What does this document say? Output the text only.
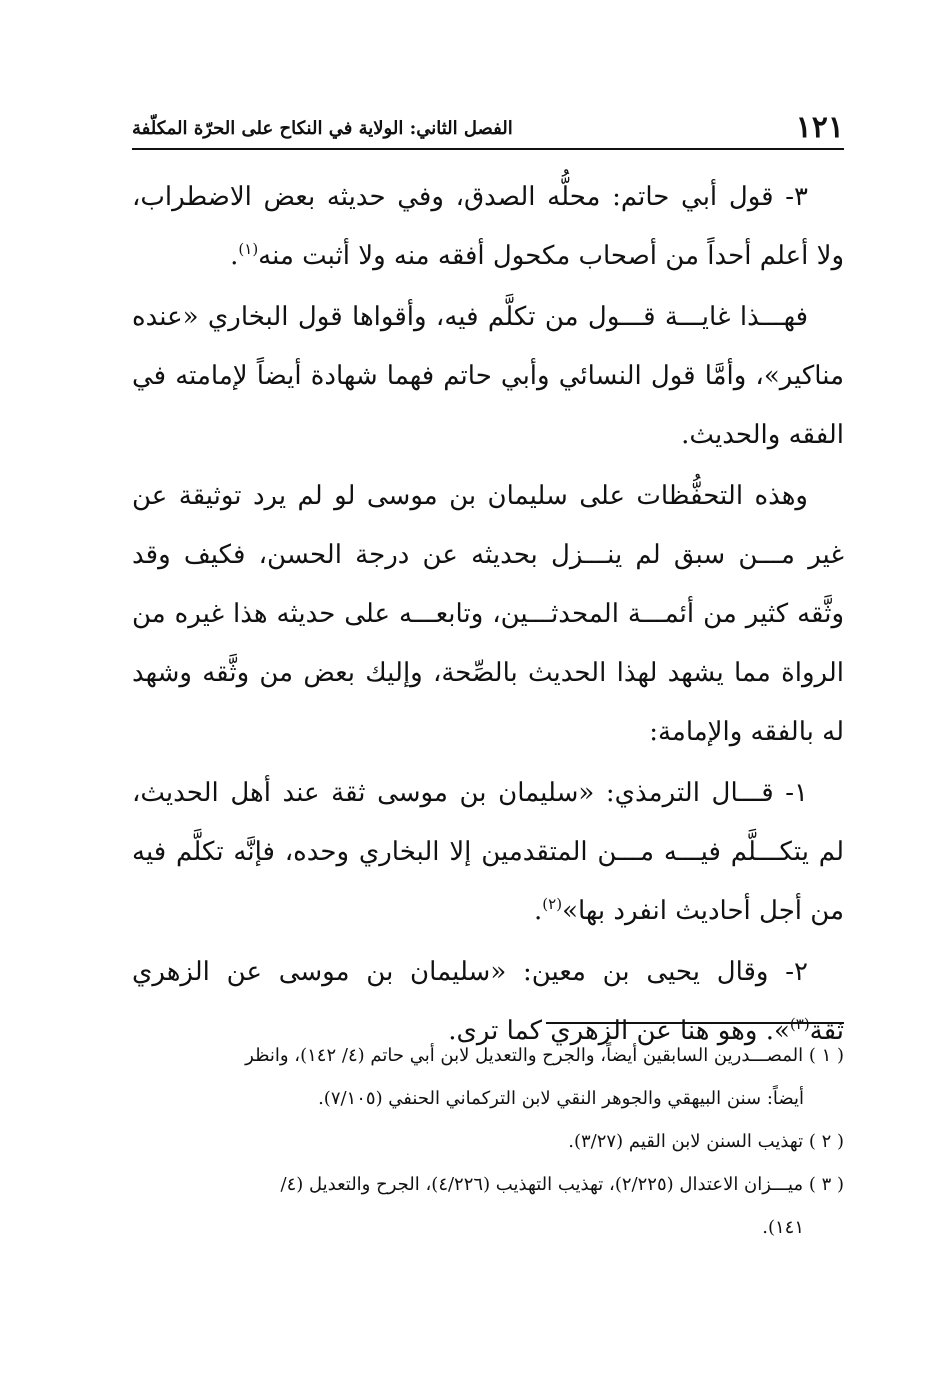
١٢١
الفصل الثاني: الولاية في النكاح على الحرّة المكلّفة

٣- قول أبي حاتم: محلُّه الصدق، وفي حديثه بعض الاضطراب، ولا أعلم أحداً من أصحاب مكحول أفقه منه ولا أثبت منه$^{(١)}$.

فهـــذا غايـــة قـــول من تكلَّم فيه، وأقواها قول البخاري «عنده مناكير»، وأمَّا قول النسائي وأبي حاتم فهما شهادة أيضاً لإمامته في الفقه والحديث.

وهذه التحفُّظات على سليمان بن موسى لو لم يرد توثيقة عن غير مـــن سبق لم ينـــزل بحديثه عن درجة الحسن، فكيف وقد وثَّقه كثير من أئمـــة المحدثـــين، وتابعـــه على حديثه هذا غيره من الرواة مما يشهد لهذا الحديث بالصِّحة، وإليك بعض من وثَّقه وشهد له بالفقه والإمامة:

١- قـــال الترمذي: «سليمان بن موسى ثقة عند أهل الحديث، لم يتكـــلَّم فيـــه مـــن المتقدمين إلا البخاري وحده، فإنَّه تكلَّم فيه من أجل أحاديث انفرد بها»$^{(٢)}$.

٢- وقال يحيى بن معين: «سليمان بن موسى عن الزهري ثقة$^{(٣)}$». وهو هنا عن الزهري كما ترى.

( ١ ) المصـــدرين السابقين أيضاً، والجرح والتعديل لابن أبي حاتم (٤/ ١٤٢)، وانظر

أيضاً: سنن البيهقي والجوهر النقي لابن التركماني الحنفي (٧/١٠٥).

( ٢ ) تهذيب السنن لابن القيم (٣/٢٧).

( ٣ ) ميـــزان الاعتدال (٢/٢٢٥)، تهذيب التهذيب (٤/٢٢٦)، الجرح والتعديل (٤/

١٤١).
